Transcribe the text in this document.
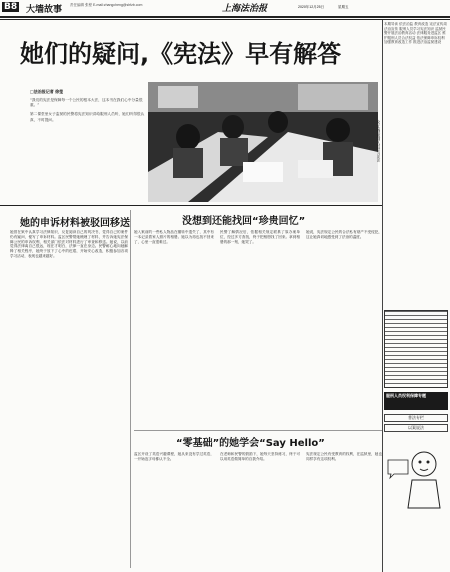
B8 大墙故事 责任编辑 张程 E-mail:zhangcheng@shfzb.com	上海法治报	2020年12月25日	星期五
她们的疑问,《宪法》早有解答
□法治报记者 徐莹
“我们的宪法是保障每一个公民的根本大法，这本书在我们心中分量很重。”
第二课堂里女子监狱的民警将宪法知识讲给服刑人员听，她们听得很认真，不时提问。
女子监狱服刑人员学习宪法
她的申诉材料被驳回移送	没想到还能找回“珍贵回忆”
“零基础”的她学会“Say Hello”
她曾在狱中认真学习法律知识，反复阅读自己的判决书，觉得自己的案件仍有疑问，便写了申诉材料。监区民警帮她梳理了材料，并告诉她宪法保障公民的申诉权利，相关部门依法对材料进行了审查和移送。她说，以前觉得法律离自己很远，现在才明白，法律一直在身边。民警耐心地向她解释了相关程序，她终于放下了心中的疙瘩，开始安心改造，积极参加各项学习活动，表现也越来越好。
她入狱前的一些私人物品在辗转中遗失了，其中有一本记录着家人照片的相册。她以为再也找不回来了，心里一直很难过。
民警了解情况后，依据相关规定联系了原办案单位，经过多方查找，终于把相册找了回来。拿到相册的那一刻，她哭了。
她说，宪法规定公民的合法私有财产不受侵犯，这让她真切地感受到了法治的温度。
监区开设了英语兴趣课程，她从来没有学过英语，一开始连字母都认不全。
在老师和民警的鼓励下，她每天坚持练习，终于可以用英语做简单的自我介绍。
宪法规定公民有受教育的权利，在监狱里，她也同样享有这项权利。
本期导读 依法治监 教育改造 宪法宣传周 法治宣传 服刑人员学习宪法知识 监狱民警开展法治教育活动 法律服务进监区 维护服刑人员合法权益 依法保障申诉权利 加强教育改造工作 推进法治监狱建设
服刑人员权利保障专题
普法专栏
以案说法
